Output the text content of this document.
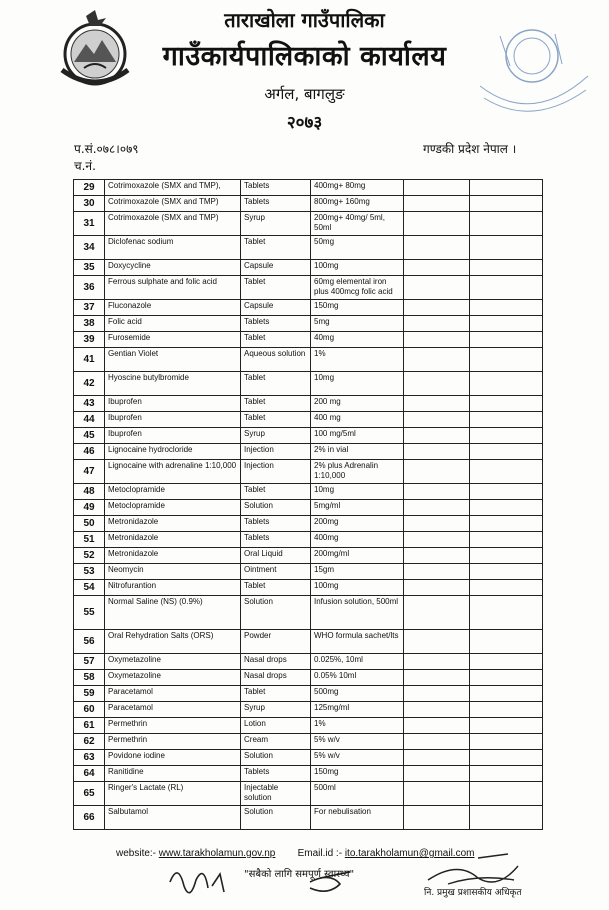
ताराखोला गाउँपालिका
गाउँकार्यपालिकाको कार्यालय
अर्गल, बागलुङ
२०७३
प.सं.०७८।०७९
च.नं.
गण्डकी प्रदेश नेपाल ।
29	Cotrimoxazole (SMX and TMP),	Tablets	400mg+ 80mg		
30	Cotrimoxazole (SMX and TMP)	Tablets	800mg+ 160mg		
31	Cotrimoxazole (SMX and TMP)	Syrup	200mg+ 40mg/ 5ml, 50ml		
34	Diclofenac sodium	Tablet	50mg		
35	Doxycycline	Capsule	100mg		
36	Ferrous sulphate and folic acid	Tablet	60mg elemental iron plus 400mcg folic acid		
37	Fluconazole	Capsule	150mg		
38	Folic acid	Tablets	5mg		
39	Furosemide	Tablet	40mg		
41	Gentian Violet	Aqueous solution	1%		
42	Hyoscine butylbromide	Tablet	10mg		
43	Ibuprofen	Tablet	200 mg		
44	Ibuprofen	Tablet	400 mg		
45	Ibuprofen	Syrup	100 mg/5ml		
46	Lignocaine hydrocloride	Injection	2% in vial		
47	Lignocaine with adrenaline 1:10,000	Injection	2% plus Adrenalin 1:10,000		
48	Metoclopramide	Tablet	10mg		
49	Metoclopramide	Solution	5mg/ml		
50	Metronidazole	Tablets	200mg		
51	Metronidazole	Tablets	400mg		
52	Metronidazole	Oral Liquid	200mg/ml		
53	Neomycin	Ointment	15gm		
54	Nitrofurantion	Tablet	100mg		
55	Normal Saline (NS) (0.9%)	Solution	Infusion solution, 500ml		
56	Oral Rehydration Salts (ORS)	Powder	WHO formula sachet/lts		
57	Oxymetazoline	Nasal drops	0.025%, 10ml		
58	Oxymetazoline	Nasal drops	0.05% 10ml		
59	Paracetamol	Tablet	500mg		
60	Paracetamol	Syrup	125mg/ml		
61	Permethrin	Lotion	1%		
62	Permethrin	Cream	5% w/v		
63	Povidone iodine	Solution	5% w/v		
64	Ranitidine	Tablets	150mg		
65	Ringer's Lactate (RL)	Injectable solution	500ml		
66	Salbutamol	Solution	For nebulisation		
website:- www.tarakholamun.gov.np Email.id :- ito.tarakholamun@gmail.com
"सबैको लागि समपूर्ण स्वास्थ्य"
नि. प्रमुख प्रशासकीय अधिकृत
